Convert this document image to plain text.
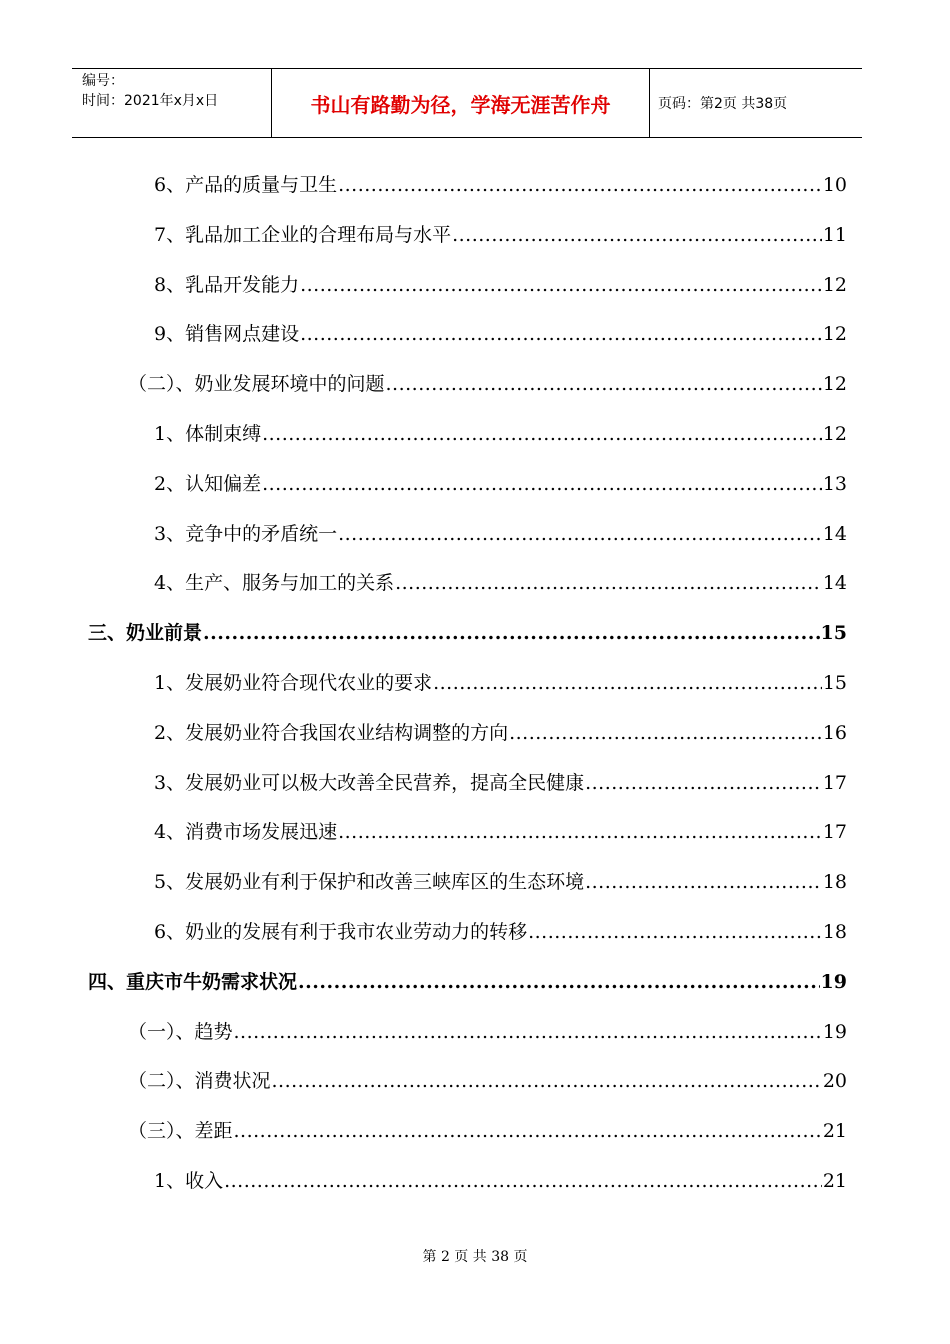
编号：
时间：2021年x月x日	书山有路勤为径，学海无涯苦作舟	页码：第2页 共38页
6、产品的质量与卫生 .....	10
7、乳品加工企业的合理布局与水平 .....	11
8、乳品开发能力 .....	12
9、销售网点建设 .....	12
（二）、奶业发展环境中的问题 .....	12
1、体制束缚 .....	12
2、认知偏差 .....	13
3、竞争中的矛盾统一 .....	14
4、生产、服务与加工的关系 .....	14
三、奶业前景 .....	15
1、发展奶业符合现代农业的要求 .....	15
2、发展奶业符合我国农业结构调整的方向 .....	16
3、发展奶业可以极大改善全民营养，提高全民健康 .....	17
4、消费市场发展迅速 .....	17
5、发展奶业有利于保护和改善三峡库区的生态环境 .....	18
6、奶业的发展有利于我市农业劳动力的转移 .....	18
四、重庆市牛奶需求状况 .....	19
（一）、趋势 .....	19
（二）、消费状况 .....	20
（三）、差距 .....	21
1、收入 .....	21
第 2 页 共 38 页
